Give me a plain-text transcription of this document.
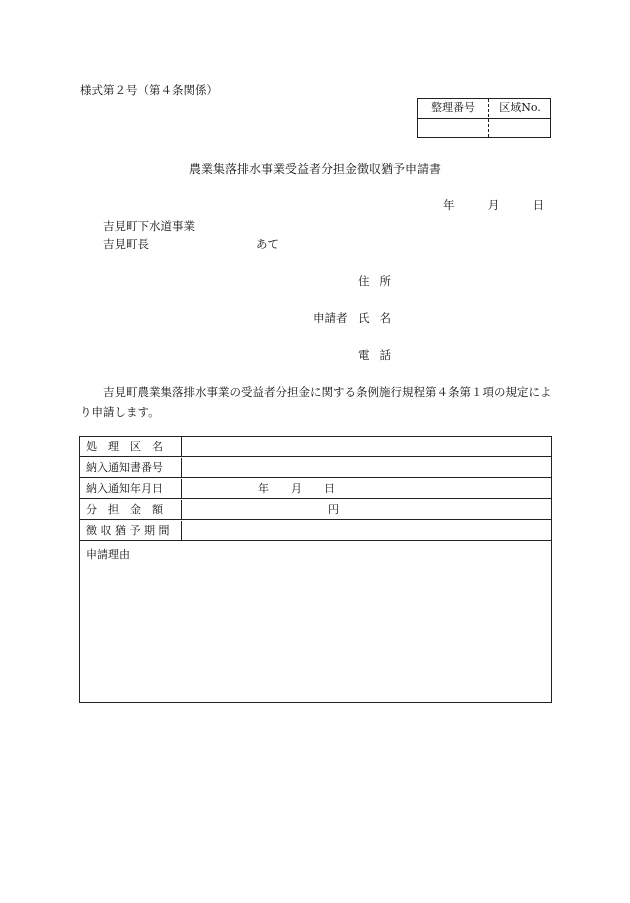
様式第２号（第４条関係）
整理番号	区域No.
農業集落排水事業受益者分担金徴収猶予申請書
年	月	日
吉見町下水道事業
吉見町長	あて
住所
申請者 氏名
電話
吉見町農業集落排水事業の受益者分担金に関する条例施行規程第４条第１項の規定により申請します。
処　理　区　名
納入通知書番号
納入通知年月日	年　　月　　日
分　担　金　額	円
徴 収 猶 予 期 間
申請理由
